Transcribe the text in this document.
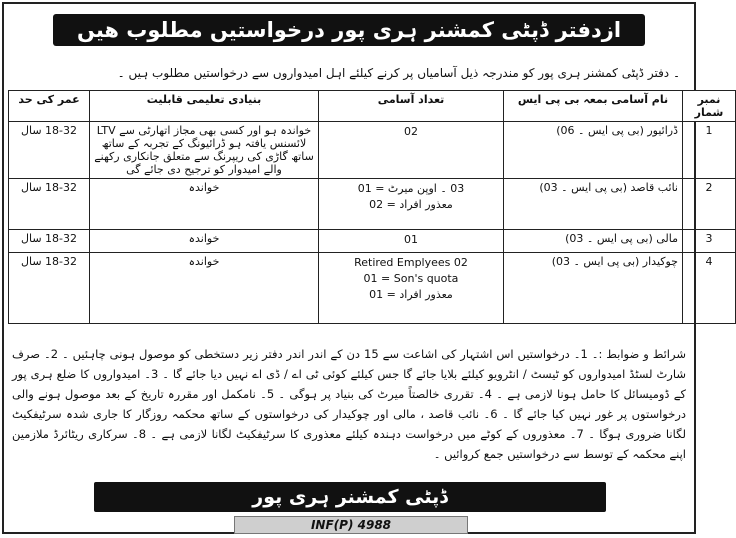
ازدفتر ڈپٹی کمشنر ہری پور درخواستیں مطلوب ھیں
۔ دفتر ڈپٹی کمشنر ہری پور کو مندرجہ ذیل آسامیاں پر کرنے کیلئے اہل امیدواروں سے درخواستیں مطلوب ہیں ۔
نمبر شمار	نام آسامی بمعہ بی پی ایس	تعداد آسامی	بنیادی تعلیمی قابلیت	عمر کی حد
1	ڈرائیور (بی پی ایس ۔ 06)	02	خواندہ ہو اور کسی بھی مجاز اتھارٹی سے LTV لائسنس یافتہ ہو ڈرائیونگ کے تجربہ کے ساتھ ساتھ گاڑی کی ریپرنگ سے متعلق جانکاری رکھنے والے امیدوار کو ترجیح دی جائے گی	18-32 سال
2	نائب قاصد (بی پی ایس ۔ 03)	03 ۔ اوپن میرٹ = 01
معذور افراد = 02	خواندہ	18-32 سال
3	مالی (بی پی ایس ۔ 03)	01	خواندہ	18-32 سال
4	چوکیدار (بی پی ایس ۔ 03)	Retired Emplyees 02
01 = Son's quota
معذور افراد = 01	خواندہ	18-32 سال
شرائط و ضوابط :۔ 1۔ درخواستیں اس اشتہار کی اشاعت سے 15 دن کے اندر اندر دفتر زیر دستخطی کو موصول ہونی چاہئیں ۔ 2۔ صرف شارٹ لسٹڈ امیدواروں کو ٹیسٹ / انٹرویو کیلئے بلایا جائے گا جس کیلئے کوئی ٹی اے / ڈی اے نہیں دیا جائے گا ۔ 3۔ امیدواروں کا ضلع ہری پور کے ڈومیسائل کا حامل ہونا لازمی ہے ۔ 4۔ تقرری خالصتاً میرٹ کی بنیاد پر ہوگی ۔ 5۔ نامکمل اور مقررہ تاریخ کے بعد موصول ہونے والی درخواستوں پر غور نہیں کیا جائے گا ۔ 6۔ نائب قاصد ، مالی اور چوکیدار کی درخواستوں کے ساتھ محکمہ روزگار کا جاری شدہ سرٹیفکیٹ لگانا ضروری ہوگا ۔ 7۔ معذوروں کے کوٹے میں درخواست دہندہ کیلئے معذوری کا سرٹیفکیٹ لگانا لازمی ہے ۔ 8۔ سرکاری ریٹائرڈ ملازمین اپنے محکمہ کے توسط سے درخواستیں جمع کروائیں ۔
ڈپٹی کمشنر ہری پور
INF(P) 4988
